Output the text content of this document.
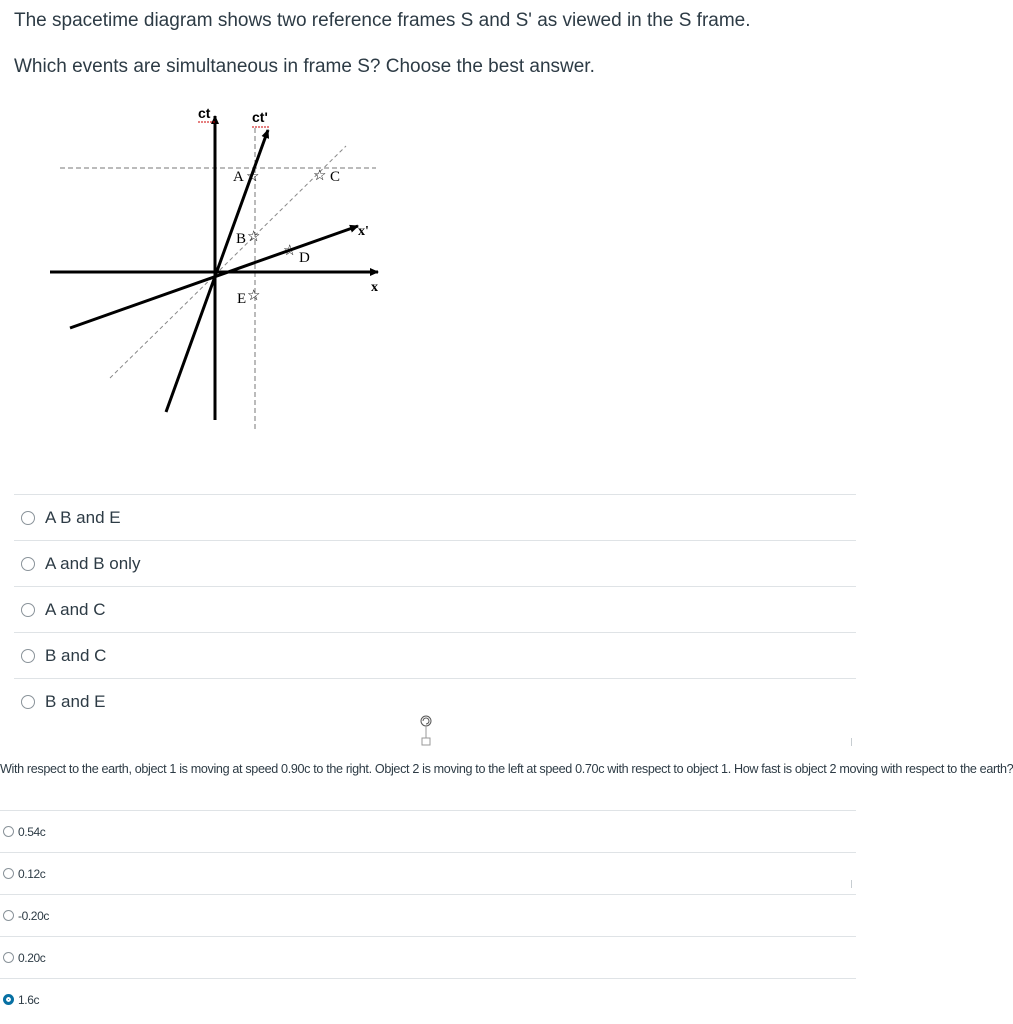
The spacetime diagram shows two reference frames S and S' as viewed in the S frame.

Which events are simultaneous in frame S? Choose the best answer.

ct	ct'
x'
x
A ☆	☆ C
B ☆
☆ D
E ☆
A B and E
A and B only
A and C
B and C
B and E

With respect to the earth, object 1 is moving at speed 0.90c to the right. Object 2 is moving to the left at speed 0.70c with respect to object 1. How fast is object 2 moving with respect to the earth?

0.54c
0.12c
-0.20c
0.20c
1.6c
